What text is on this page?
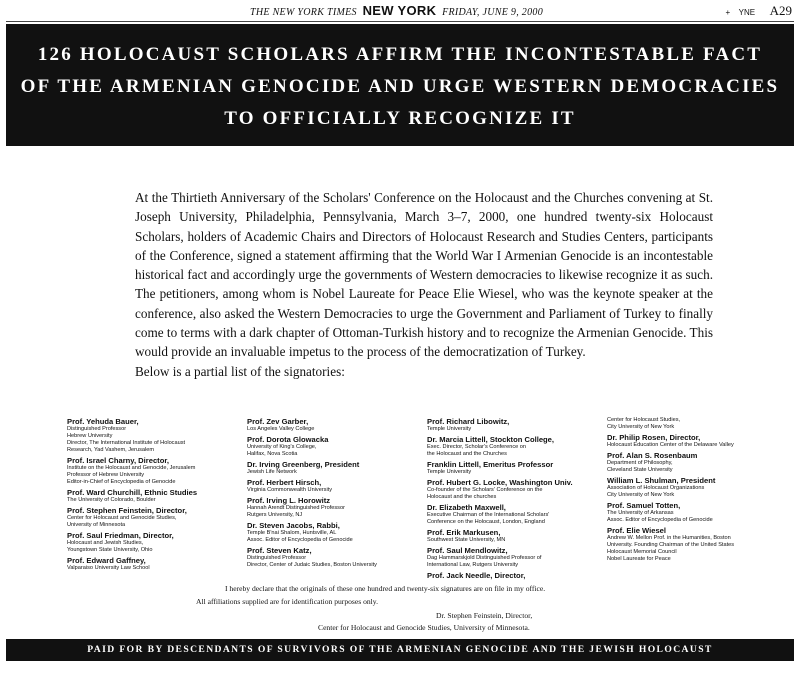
THE NEW YORK TIMES NEW YORK FRIDAY, JUNE 9, 2000	+ YNE A29
126 HOLOCAUST SCHOLARS AFFIRM THE INCONTESTABLE FACT
OF THE ARMENIAN GENOCIDE AND URGE WESTERN DEMOCRACIES
TO OFFICIALLY RECOGNIZE IT

At the Thirtieth Anniversary of the Scholars' Conference on the Holocaust and the Churches convening at St. Joseph University, Philadelphia, Pennsylvania, March 3–7, 2000, one hundred twenty-six Holocaust Scholars, holders of Academic Chairs and Directors of Holocaust Research and Studies Centers, participants of the Conference, signed a statement affirming that the World War I Armenian Genocide is an incontestable historical fact and accordingly urge the governments of Western democracies to likewise recognize it as such. The petitioners, among whom is Nobel Laureate for Peace Elie Wiesel, who was the keynote speaker at the conference, also asked the Western Democracies to urge the Government and Parliament of Turkey to finally come to terms with a dark chapter of Ottoman-Turkish history and to recognize the Armenian Genocide. This would provide an invaluable impetus to the process of the democratization of Turkey.

Below is a partial list of the signatories:

Prof. Yehuda Bauer,
Distinguished Professor
Hebrew University
Director, The International Institute of Holocaust
Research, Yad Vashem, Jerusalem
Prof. Israel Charny, Director,
Institute on the Holocaust and Genocide, Jerusalem
Professor of Hebrew University
Editor-in-Chief of Encyclopedia of Genocide
Prof. Ward Churchill, Ethnic Studies
The University of Colorado, Boulder
Prof. Stephen Feinstein, Director,
Center for Holocaust and Genocide Studies,
University of Minnesota
Prof. Saul Friedman, Director,
Holocaust and Jewish Studies,
Youngstown State University, Ohio
Prof. Edward Gaffney,
Valparaiso University Law School
Prof. Zev Garber,
Los Angeles Valley College
Prof. Dorota Glowacka
University of King's College,
Halifax, Nova Scotia
Dr. Irving Greenberg, President
Jewish Life Network
Prof. Herbert Hirsch,
Virginia Commonwealth University
Prof. Irving L. Horowitz
Hannah Arendt Distinguished Professor
Rutgers University, NJ
Dr. Steven Jacobs, Rabbi,
Temple B'nai Shalom, Huntsville, AL
Assoc. Editor of Encyclopedia of Genocide
Prof. Steven Katz,
Distinguished Professor
Director, Center of Judaic Studies, Boston University
Prof. Richard Libowitz,
Temple University
Dr. Marcia Littell, Stockton College,
Exec. Director, Scholar's Conference on
the Holocaust and the Churches
Franklin Littell, Emeritus Professor
Temple University
Prof. Hubert G. Locke, Washington Univ.
Co-founder of the Scholars' Conference on the
Holocaust and the churches
Dr. Elizabeth Maxwell,
Executive Chairman of the International Scholars'
Conference on the Holocaust, London, England
Prof. Erik Markusen,
Southwest State University, MN
Prof. Saul Mendlowitz,
Dag Hammarskjold Distinguished Professor of
International Law, Rutgers University
Prof. Jack Needle, Director,
Center for Holocaust Studies,
City University of New York
Dr. Philip Rosen, Director,
Holocaust Education Center of the Delaware Valley
Prof. Alan S. Rosenbaum
Department of Philosophy,
Cleveland State University
William L. Shulman, President
Association of Holocaust Organizations
City University of New York
Prof. Samuel Totten,
The University of Arkansas
Assoc. Editor of Encyclopedia of Genocide
Prof. Elie Wiesel
Andrew W. Mellon Prof. in the Humanities, Boston
University. Founding Chairman of the United States
Holocaust Memorial Council
Nobel Laureate for Peace
I hereby declare that the originals of these one hundred and twenty-six signatures are on file in my office.
All affiliations supplied are for identification purposes only.
Dr. Stephen Feinstein, Director,
Center for Holocaust and Genocide Studies, University of Minnesota.
PAID FOR BY DESCENDANTS OF SURVIVORS OF THE ARMENIAN GENOCIDE AND THE JEWISH HOLOCAUST
